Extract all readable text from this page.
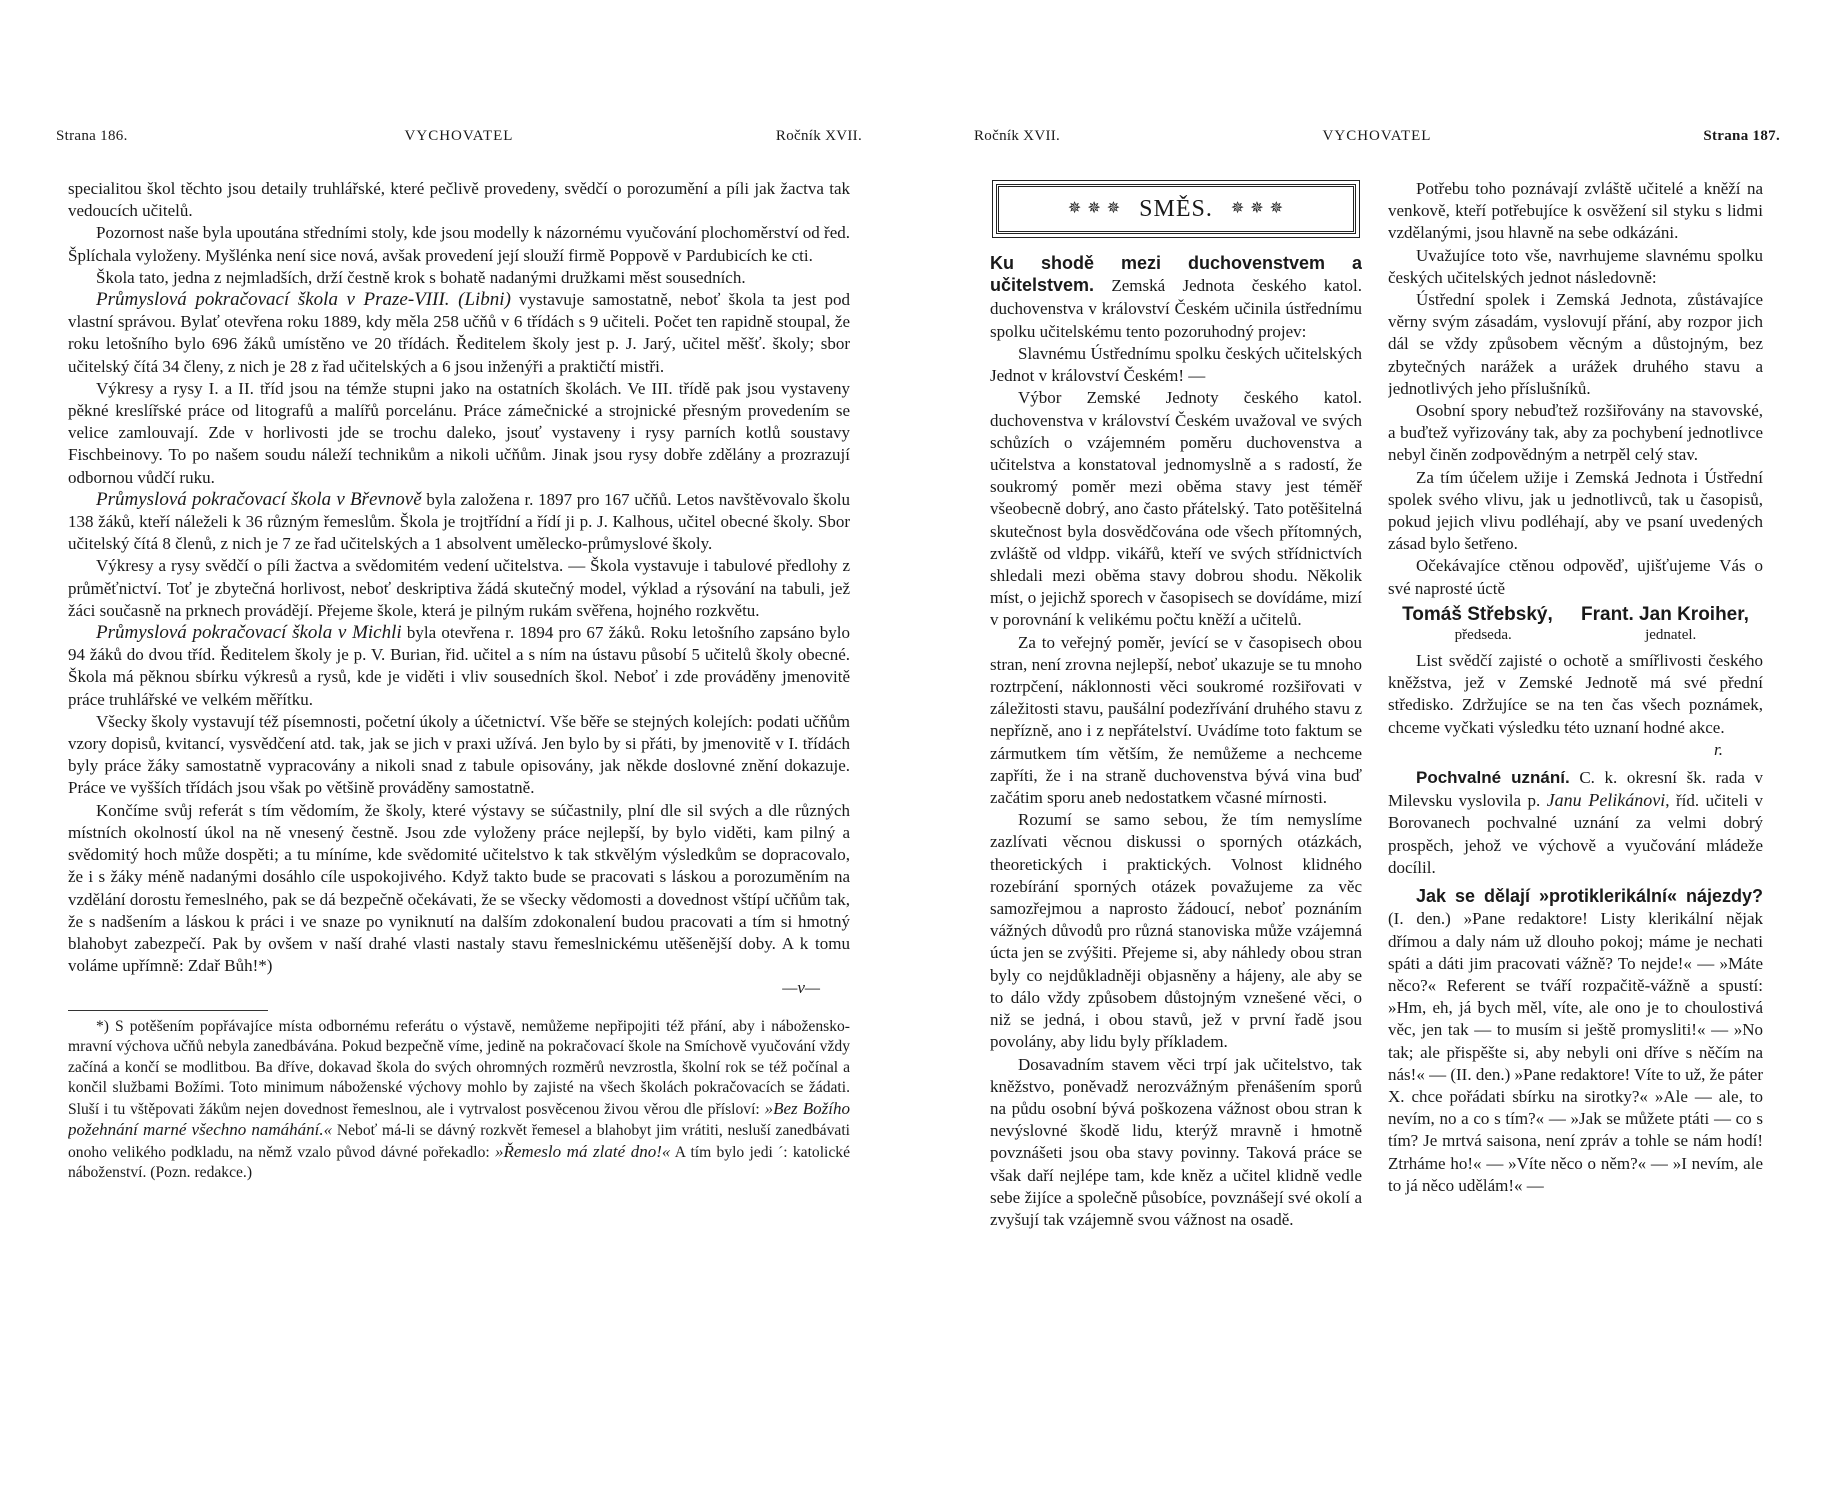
Strana 186.	VYCHOVATEL	Ročník XVII.

specialitou škol těchto jsou detaily truhlářské, které pečlivě provedeny, svědčí o porozumění a píli jak žactva tak vedoucích učitelů.

Pozornost naše byla upoutána středními stoly, kde jsou modelly k názornému vyučování plochoměrství od řed. Šplíchala vyloženy. Myšlénka není sice nová, avšak provedení její slouží firmě Poppově v Pardubicích ke cti.

Škola tato, jedna z nejmladších, drží čestně krok s bohatě nadanými družkami měst sousedních.

Průmyslová pokračovací škola v Praze-VIII. (Libni) vystavuje samostatně, neboť škola ta jest pod vlastní správou. Bylať otevřena roku 1889, kdy měla 258 učňů v 6 třídách s 9 učiteli. Počet ten rapidně stoupal, že roku letošního bylo 696 žáků umístěno ve 20 třídách. Ředitelem školy jest p. J. Jarý, učitel měšť. školy; sbor učitelský čítá 34 členy, z nich je 28 z řad učitelských a 6 jsou inženýři a praktičtí mistři.

Výkresy a rysy I. a II. tříd jsou na témže stupni jako na ostatních školách. Ve III. třídě pak jsou vystaveny pěkné kreslířské práce od litografů a malířů porcelánu. Práce zámečnické a strojnické přesným provedením se velice zamlouvají. Zde v horlivosti jde se trochu daleko, jsouť vystaveny i rysy parních kotlů soustavy Fischbeinovy. To po našem soudu náleží technikům a nikoli učňům. Jinak jsou rysy dobře zdělány a prozrazují odbornou vůdčí ruku.

Průmyslová pokračovací škola v Břevnově byla založena r. 1897 pro 167 učňů. Letos navštěvovalo školu 138 žáků, kteří náleželi k 36 různým řemeslům. Škola je trojtřídní a řídí ji p. J. Kalhous, učitel obecné školy. Sbor učitelský čítá 8 členů, z nich je 7 ze řad učitelských a 1 absolvent umělecko-průmyslové školy.

Výkresy a rysy svědčí o píli žactva a svědomitém vedení učitelstva. — Škola vystavuje i tabulové předlohy z průměťnictví. Toť je zbytečná horlivost, neboť deskriptiva žádá skutečný model, výklad a rýsování na tabuli, jež žáci současně na prknech provádějí. Přejeme škole, která je pilným rukám svěřena, hojného rozkvětu.

Průmyslová pokračovací škola v Michli byla otevřena r. 1894 pro 67 žáků. Roku letošního zapsáno bylo 94 žáků do dvou tříd. Ředitelem školy je p. V. Burian, řid. učitel a s ním na ústavu působí 5 učitelů školy obecné. Škola má pěknou sbírku výkresů a rysů, kde je viděti i vliv sousedních škol. Neboť i zde prováděny jmenovitě práce truhlářské ve velkém měřítku.

Všecky školy vystavují též písemnosti, početní úkoly a účetnictví. Vše běře se stejných kolejích: podati učňům vzory dopisů, kvitancí, vysvědčení atd. tak, jak se jich v praxi užívá. Jen bylo by si přáti, by jmenovitě v I. třídách byly práce žáky samostatně vypracovány a nikoli snad z tabule opisovány, jak někde doslovné znění dokazuje. Práce ve vyšších třídách jsou však po většině prováděny samostatně.

Končíme svůj referát s tím vědomím, že školy, které výstavy se súčastnily, plní dle sil svých a dle různých místních okolností úkol na ně vnesený čestně. Jsou zde vyloženy práce nejlepší, by bylo viděti, kam pilný a svědomitý hoch může dospěti; a tu míníme, kde svědomité učitelstvo k tak stkvělým výsledkům se dopracovalo, že i s žáky méně nadanými dosáhlo cíle uspokojivého. Když takto bude se pracovati s láskou a porozuměním na vzdělání dorostu řemeslného, pak se dá bezpečně očekávati, že se všecky vědomosti a dovednost vštípí učňům tak, že s nadšením a láskou k práci i ve snaze po vyniknutí na dalším zdokonalení budou pracovati a tím si hmotný blahobyt zabezpečí. Pak by ovšem v naší drahé vlasti nastaly stavu řemeslnickému utěšenější doby. A k tomu voláme upřímně: Zdař Bůh!*)

—v—

*) S potěšením popřávajíce místa odbornému referátu o výstavě, nemůžeme nepřipojiti též přání, aby i nábožensko-mravní výchova učňů nebyla zanedbávána. Pokud bezpečně víme, jedině na pokračovací škole na Smíchově vyučování vždy začíná a končí se modlitbou. Ba dříve, dokavad škola do svých ohromných rozměrů nevzrostla, školní rok se též počínal a končil službami Božími. Toto minimum náboženské výchovy mohlo by zajisté na všech školách pokračovacích se žádati. Sluší i tu vštěpovati žákům nejen dovednost řemeslnou, ale i vytrvalost posvěcenou živou věrou dle přísloví: »Bez Božího požehnání marné všechno namáhání.« Neboť má-li se dávný rozkvět řemesel a blahobyt jim vrátiti, nesluší zanedbávati onoho velikého podkladu, na němž vzalo původ dávné pořekadlo: »Řemeslo má zlaté dno!« A tím bylo jedi ´: katolické náboženství. (Pozn. redakce.)

Ročník XVII.	VYCHOVATEL	Strana 187.
✵ ✵ ✵ SMĚS. ✵ ✵ ✵
Ku shodě mezi duchovenstvem a učitelstvem. Zemská Jednota českého katol. duchovenstva v království Českém učinila ústřednímu spolku učitelskému tento pozoruhodný projev:

Slavnému Ústřednímu spolku českých učitelských Jednot v království Českém! —

Výbor Zemské Jednoty českého katol. duchovenstva v království Českém uvažoval ve svých schůzích o vzájemném poměru duchovenstva a učitelstva a konstatoval jednomyslně a s radostí, že soukromý poměr mezi oběma stavy jest téměř všeobecně dobrý, ano často přátelský. Tato potěšitelná skutečnost byla dosvědčována ode všech přítomných, zvláště od vldpp. vikářů, kteří ve svých střídnictvích shledali mezi oběma stavy dobrou shodu. Několik míst, o jejichž sporech v časopisech se dovídáme, mizí v porovnání k velikému počtu kněží a učitelů.

Za to veřejný poměr, jevící se v časopisech obou stran, není zrovna nejlepší, neboť ukazuje se tu mnoho roztrpčení, náklonnosti věci soukromé rozšiřovati v záležitosti stavu, paušální podezřívání druhého stavu z nepřízně, ano i z nepřátelství. Uvádíme toto faktum se zármutkem tím větším, že nemůžeme a nechceme zapříti, že i na straně duchovenstva bývá vina buď začátim sporu aneb nedostatkem včasné mírnosti.

Rozumí se samo sebou, že tím nemyslíme zazlívati věcnou diskussi o sporných otázkách, theoretických i praktických. Volnost klidného rozebírání sporných otázek považujeme za věc samozřejmou a naprosto žádoucí, neboť poznáním vážných důvodů pro různá stanoviska může vzájemná úcta jen se zvýšiti. Přejeme si, aby náhledy obou stran byly co nejdůkladněji objasněny a hájeny, ale aby se to dálo vždy způsobem důstojným vznešené věci, o niž se jedná, i obou stavů, jež v první řadě jsou povolány, aby lidu byly příkladem.

Dosavadním stavem věci trpí jak učitelstvo, tak kněžstvo, poněvadž nerozvážným přenášením sporů na půdu osobní bývá poškozena vážnost obou stran k nevýslovné škodě lidu, kterýž mravně i hmotně povznášeti jsou oba stavy povinny. Taková práce se však daří nejlépe tam, kde kněz a učitel klidně vedle sebe žijíce a společně působíce, povznášejí své okolí a zvyšují tak vzájemně svou vážnost na osadě.

Potřebu toho poznávají zvláště učitelé a kněží na venkově, kteří potřebujíce k osvěžení sil styku s lidmi vzdělanými, jsou hlavně na sebe odkázáni.

Uvažujíce toto vše, navrhujeme slavnému spolku českých učitelských jednot následovně:

Ústřední spolek i Zemská Jednota, zůstávajíce věrny svým zásadám, vyslovují přání, aby rozpor jich dál se vždy způsobem věcným a důstojným, bez zbytečných narážek a urážek druhého stavu a jednotlivých jeho příslušníků.

Osobní spory nebuďtež rozšiřovány na stavovské, a buďtež vyřizovány tak, aby za pochybení jednotlivce nebyl činěn zodpovědným a netrpěl celý stav.

Za tím účelem užije i Zemská Jednota i Ústřední spolek svého vlivu, jak u jednotlivců, tak u časopisů, pokud jejich vlivu podléhají, aby ve psaní uvedených zásad bylo šetřeno.

Očekávajíce ctěnou odpověď, ujišťujeme Vás o své naprosté úctě

Tomáš Střebský, Frant. Jan Kroiher,
předseda.	jednatel.

List svědčí zajisté o ochotě a smířlivosti českého kněžstva, jež v Zemské Jednotě má své přední středisko. Zdržujíce se na ten čas všech poznámek, chceme vyčkati výsledku této uznaní hodné akce.

r.

Pochvalné uznání. C. k. okresní šk. rada v Milevsku vyslovila p. Janu Pelikánovi, říd. učiteli v Borovanech pochvalné uznání za velmi dobrý prospěch, jehož ve výchově a vyučování mládeže docílil.

Jak se dělají »protiklerikální« nájezdy? (I. den.) »Pane redaktore! Listy klerikální nějak dřímou a daly nám už dlouho pokoj; máme je nechati spáti a dáti jim pracovati vážně? To nejde!« — »Máte něco?« Referent se tváří rozpačitě-vážně a spustí: »Hm, eh, já bych měl, víte, ale ono je to choulostivá věc, jen tak — to musím si ještě promysliti!« — »No tak; ale přispěšte si, aby nebyli oni dříve s něčím na nás!« — (II. den.) »Pane redaktore! Víte to už, že páter X. chce pořádati sbírku na sirotky?« »Ale — ale, to nevím, no a co s tím?« — »Jak se můžete ptáti — co s tím? Je mrtvá saisona, není zpráv a tohle se nám hodí! Ztrháme ho!« — »Víte něco o něm?« — »I nevím, ale to já něco udělám!« —
